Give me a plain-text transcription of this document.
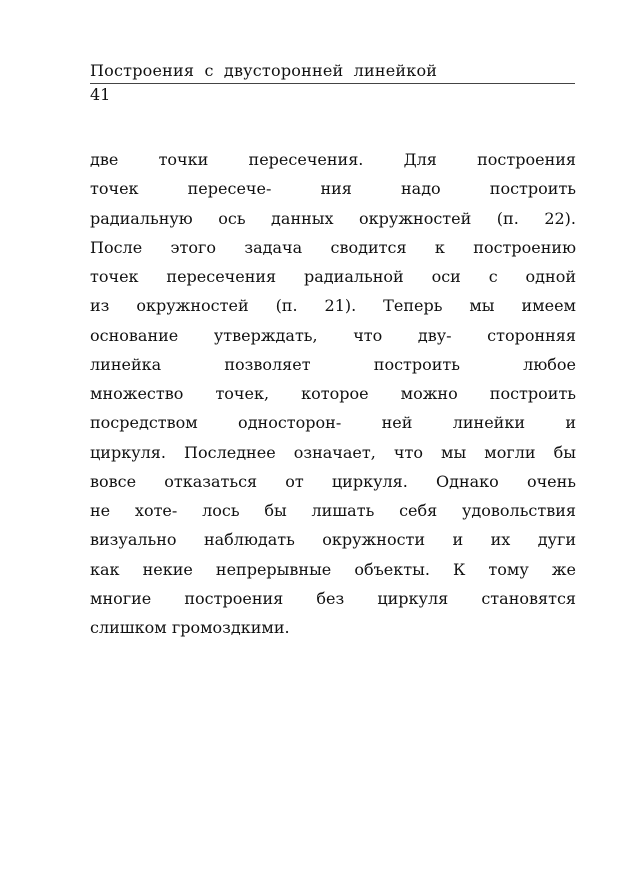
Построения с двусторонней линейкой
41
две точки пересечения. Для построения
точек пересече- ния надо построить
радиальную ось данных окружностей (п. 22).
После этого задача сводится к построению
точек пересечения радиальной оси с одной
из окружностей (п. 21). Теперь мы имеем
основание утверждать, что дву- сторонняя
линейка позволяет построить любое
множество точек, которое можно построить
посредством односторон- ней линейки и
циркуля. Последнее означает, что мы могли бы
вовсе отказаться от циркуля. Однако очень
не хоте- лось бы лишать себя удовольствия
визуально наблюдать окружности и их дуги
как некие непрерывные объекты. К тому же
многие построения без циркуля становятся
слишком громоздкими.
